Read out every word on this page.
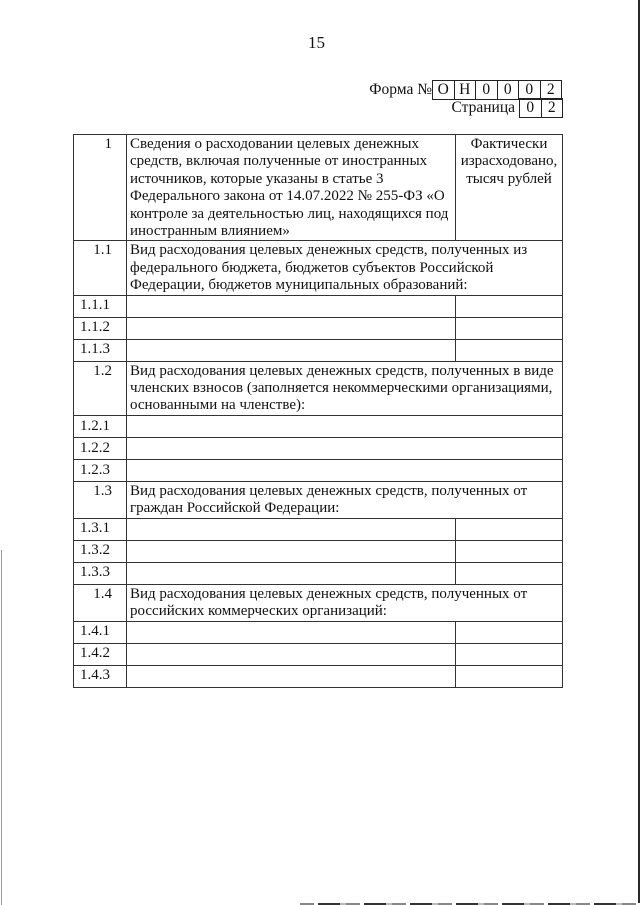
15
Форма № О Н 0 0 0 2
Страница 0 2
1	Сведения о расходовании целевых денежных средств, включая полученные от иностранных источников, которые указаны в статье 3 Федерального закона от 14.07.2022 № 255-ФЗ «О контроле за деятельностью лиц, находящихся под иностранным влиянием»	Фактически израсходовано, тысяч рублей
1.1	Вид расходования целевых денежных средств, полученных из федерального бюджета, бюджетов субъектов Российской Федерации, бюджетов муниципальных образований:	
1.1.1		
1.1.2		
1.1.3		
1.2	Вид расходования целевых денежных средств, полученных в виде членских взносов (заполняется некоммерческими организациями, основанными на членстве):	
1.2.1		
1.2.2		
1.2.3		
1.3	Вид расходования целевых денежных средств, полученных от граждан Российской Федерации:	
1.3.1		
1.3.2		
1.3.3		
1.4	Вид расходования целевых денежных средств, полученных от российских коммерческих организаций:	
1.4.1		
1.4.2		
1.4.3		
